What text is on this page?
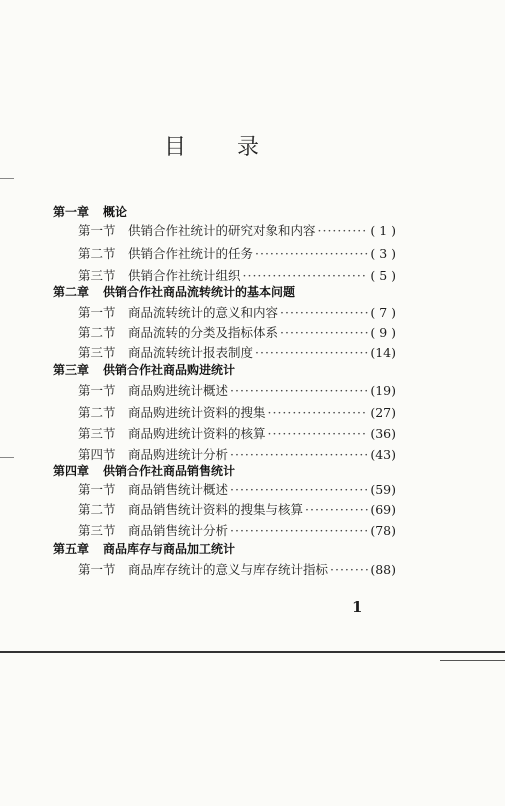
目 录
第一章 概论
第一节 供销合作社统计的研究对象和内容 ·····	( 1 )
第二节 供销合作社统计的任务 ·····	( 3 )
第三节 供销合作社统计组织 ·····	( 5 )
第二章 供销合作社商品流转统计的基本问题
第一节 商品流转统计的意义和内容 ·····	( 7 )
第二节 商品流转的分类及指标体系 ·····	( 9 )
第三节 商品流转统计报表制度 ·····	(14)
第三章 供销合作社商品购进统计
第一节 商品购进统计概述 ·····	(19)
第二节 商品购进统计资料的搜集 ·····	(27)
第三节 商品购进统计资料的核算 ·····	(36)
第四节 商品购进统计分析 ·····	(43)
第四章 供销合作社商品销售统计
第一节 商品销售统计概述 ·····	(59)
第二节 商品销售统计资料的搜集与核算 ·····	(69)
第三节 商品销售统计分析 ·····	(78)
第五章 商品库存与商品加工统计
第一节 商品库存统计的意义与库存统计指标 ·····	(88)
1
